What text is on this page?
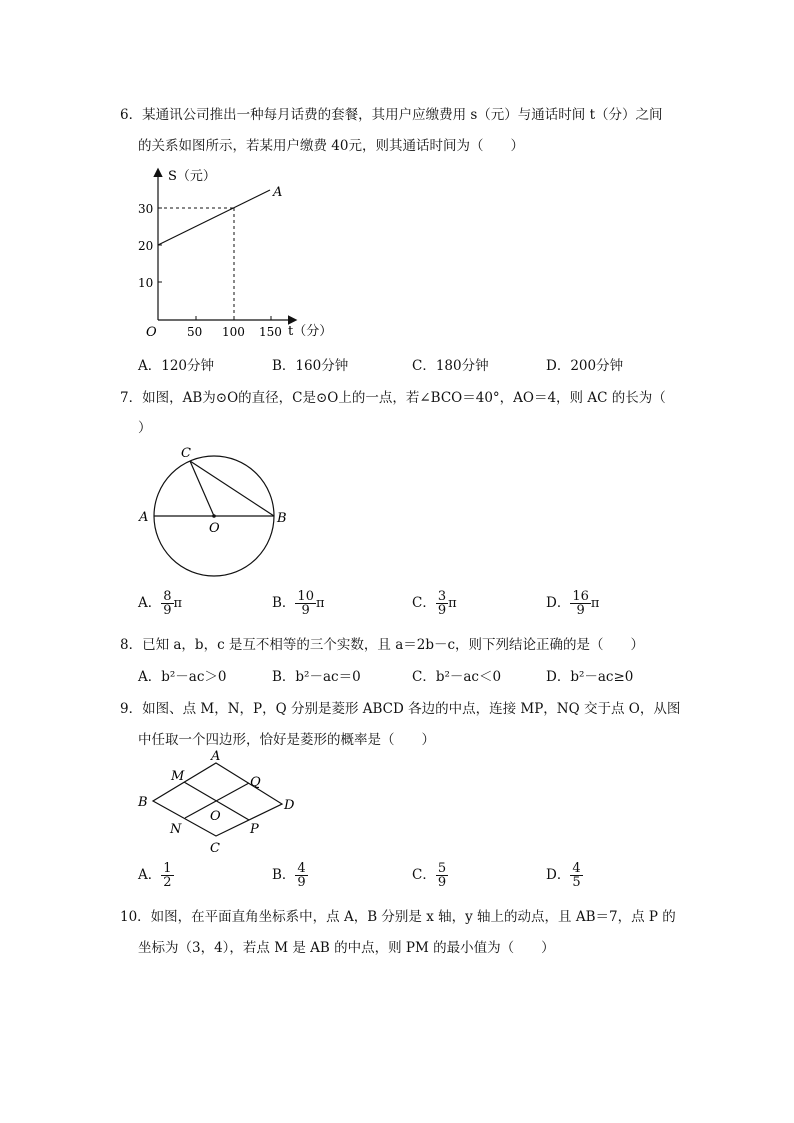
6．某通讯公司推出一种每月话费的套餐，其用户应缴费用 s（元）与通话时间 t（分）之间
的关系如图所示，若某用户缴费 40元，则其通话时间为（　　）
S（元）
A
30
20
10
O	50 100 150 t（分）
A．120分钟	B．160分钟	C．180分钟	D．200分钟
7．如图，AB为⊙O的直径，C是⊙O上的一点，若∠BCO＝40°，AO＝4，则 AC 的长为（
）
C
A	B
O
A． $\frac{8}{9}$ π	B． $\frac{10}{9}$ π	C． $\frac{3}{9}$ π	D． $\frac{16}{9}$ π
8．已知 a，b，c 是互不相等的三个实数，且 a＝2b－c，则下列结论正确的是（　　）
A．b²－ac＞0	B．b²－ac＝0	C．b²－ac＜0	D．b²－ac≥0
9．如图、点 M，N，P，Q 分别是菱形 ABCD 各边的中点，连接 MP，NQ 交于点 O，从图
中任取一个四边形，恰好是菱形的概率是（　　）
A
M	Q
B	D
O
N	P
C
A． $\frac{1}{2}$	B． $\frac{4}{9}$	C． $\frac{5}{9}$	D． $\frac{4}{5}$
10．如图，在平面直角坐标系中，点 A，B 分别是 x 轴，y 轴上的动点，且 AB＝7，点 P 的
坐标为（3，4），若点 M 是 AB 的中点，则 PM 的最小值为（　　）
